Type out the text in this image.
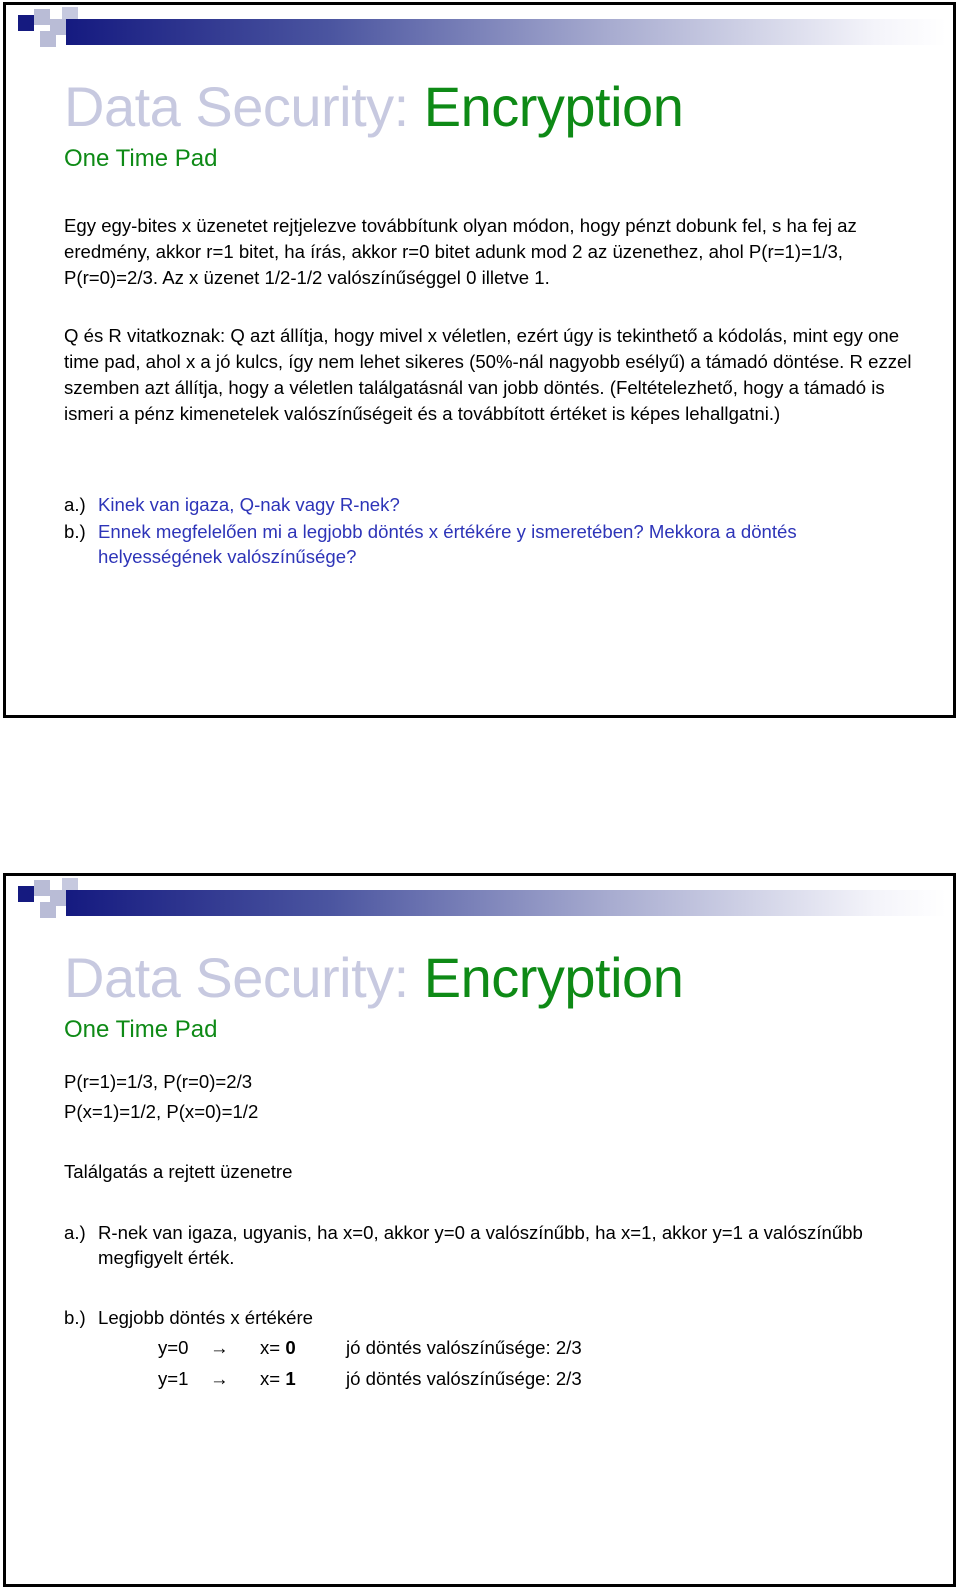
Data Security: Encryption
One Time Pad

Egy egy-bites x üzenetet rejtjelezve továbbítunk olyan módon, hogy pénzt dobunk fel, s ha fej az eredmény, akkor r=1 bitet, ha írás, akkor r=0 bitet adunk mod 2 az üzenethez, ahol P(r=1)=1/3, P(r=0)=2/3. Az x üzenet 1/2-1/2 valószínűséggel 0 illetve 1.

Q és R vitatkoznak: Q azt állítja, hogy mivel x véletlen, ezért úgy is tekinthető a kódolás, mint egy one time pad, ahol x a jó kulcs, így nem lehet sikeres (50%-nál nagyobb esélyű) a támadó döntése. R ezzel szemben azt állítja, hogy a véletlen találgatásnál van jobb döntés. (Feltételezhető, hogy a támadó is ismeri a pénz kimenetelek valószínűségeit és a továbbított értéket is képes lehallgatni.)

a.) Kinek van igaza, Q-nak vagy R-nek?
b.) Ennek megfelelően mi a legjobb döntés x értékére y ismeretében? Mekkora a döntés helyességének valószínűsége?
Data Security: Encryption
One Time Pad
P(r=1)=1/3, P(r=0)=2/3
P(x=1)=1/2, P(x=0)=1/2
Találgatás a rejtett üzenetre
a.) R-nek van igaza, ugyanis, ha x=0, akkor y=0 a valószínűbb, ha x=1, akkor y=1 a valószínűbb megfigyelt érték.
b.) Legjobb döntés x értékére
y=0 → x= 0	jó döntés valószínűsége: 2/3
y=1 → x= 1	jó döntés valószínűsége: 2/3
